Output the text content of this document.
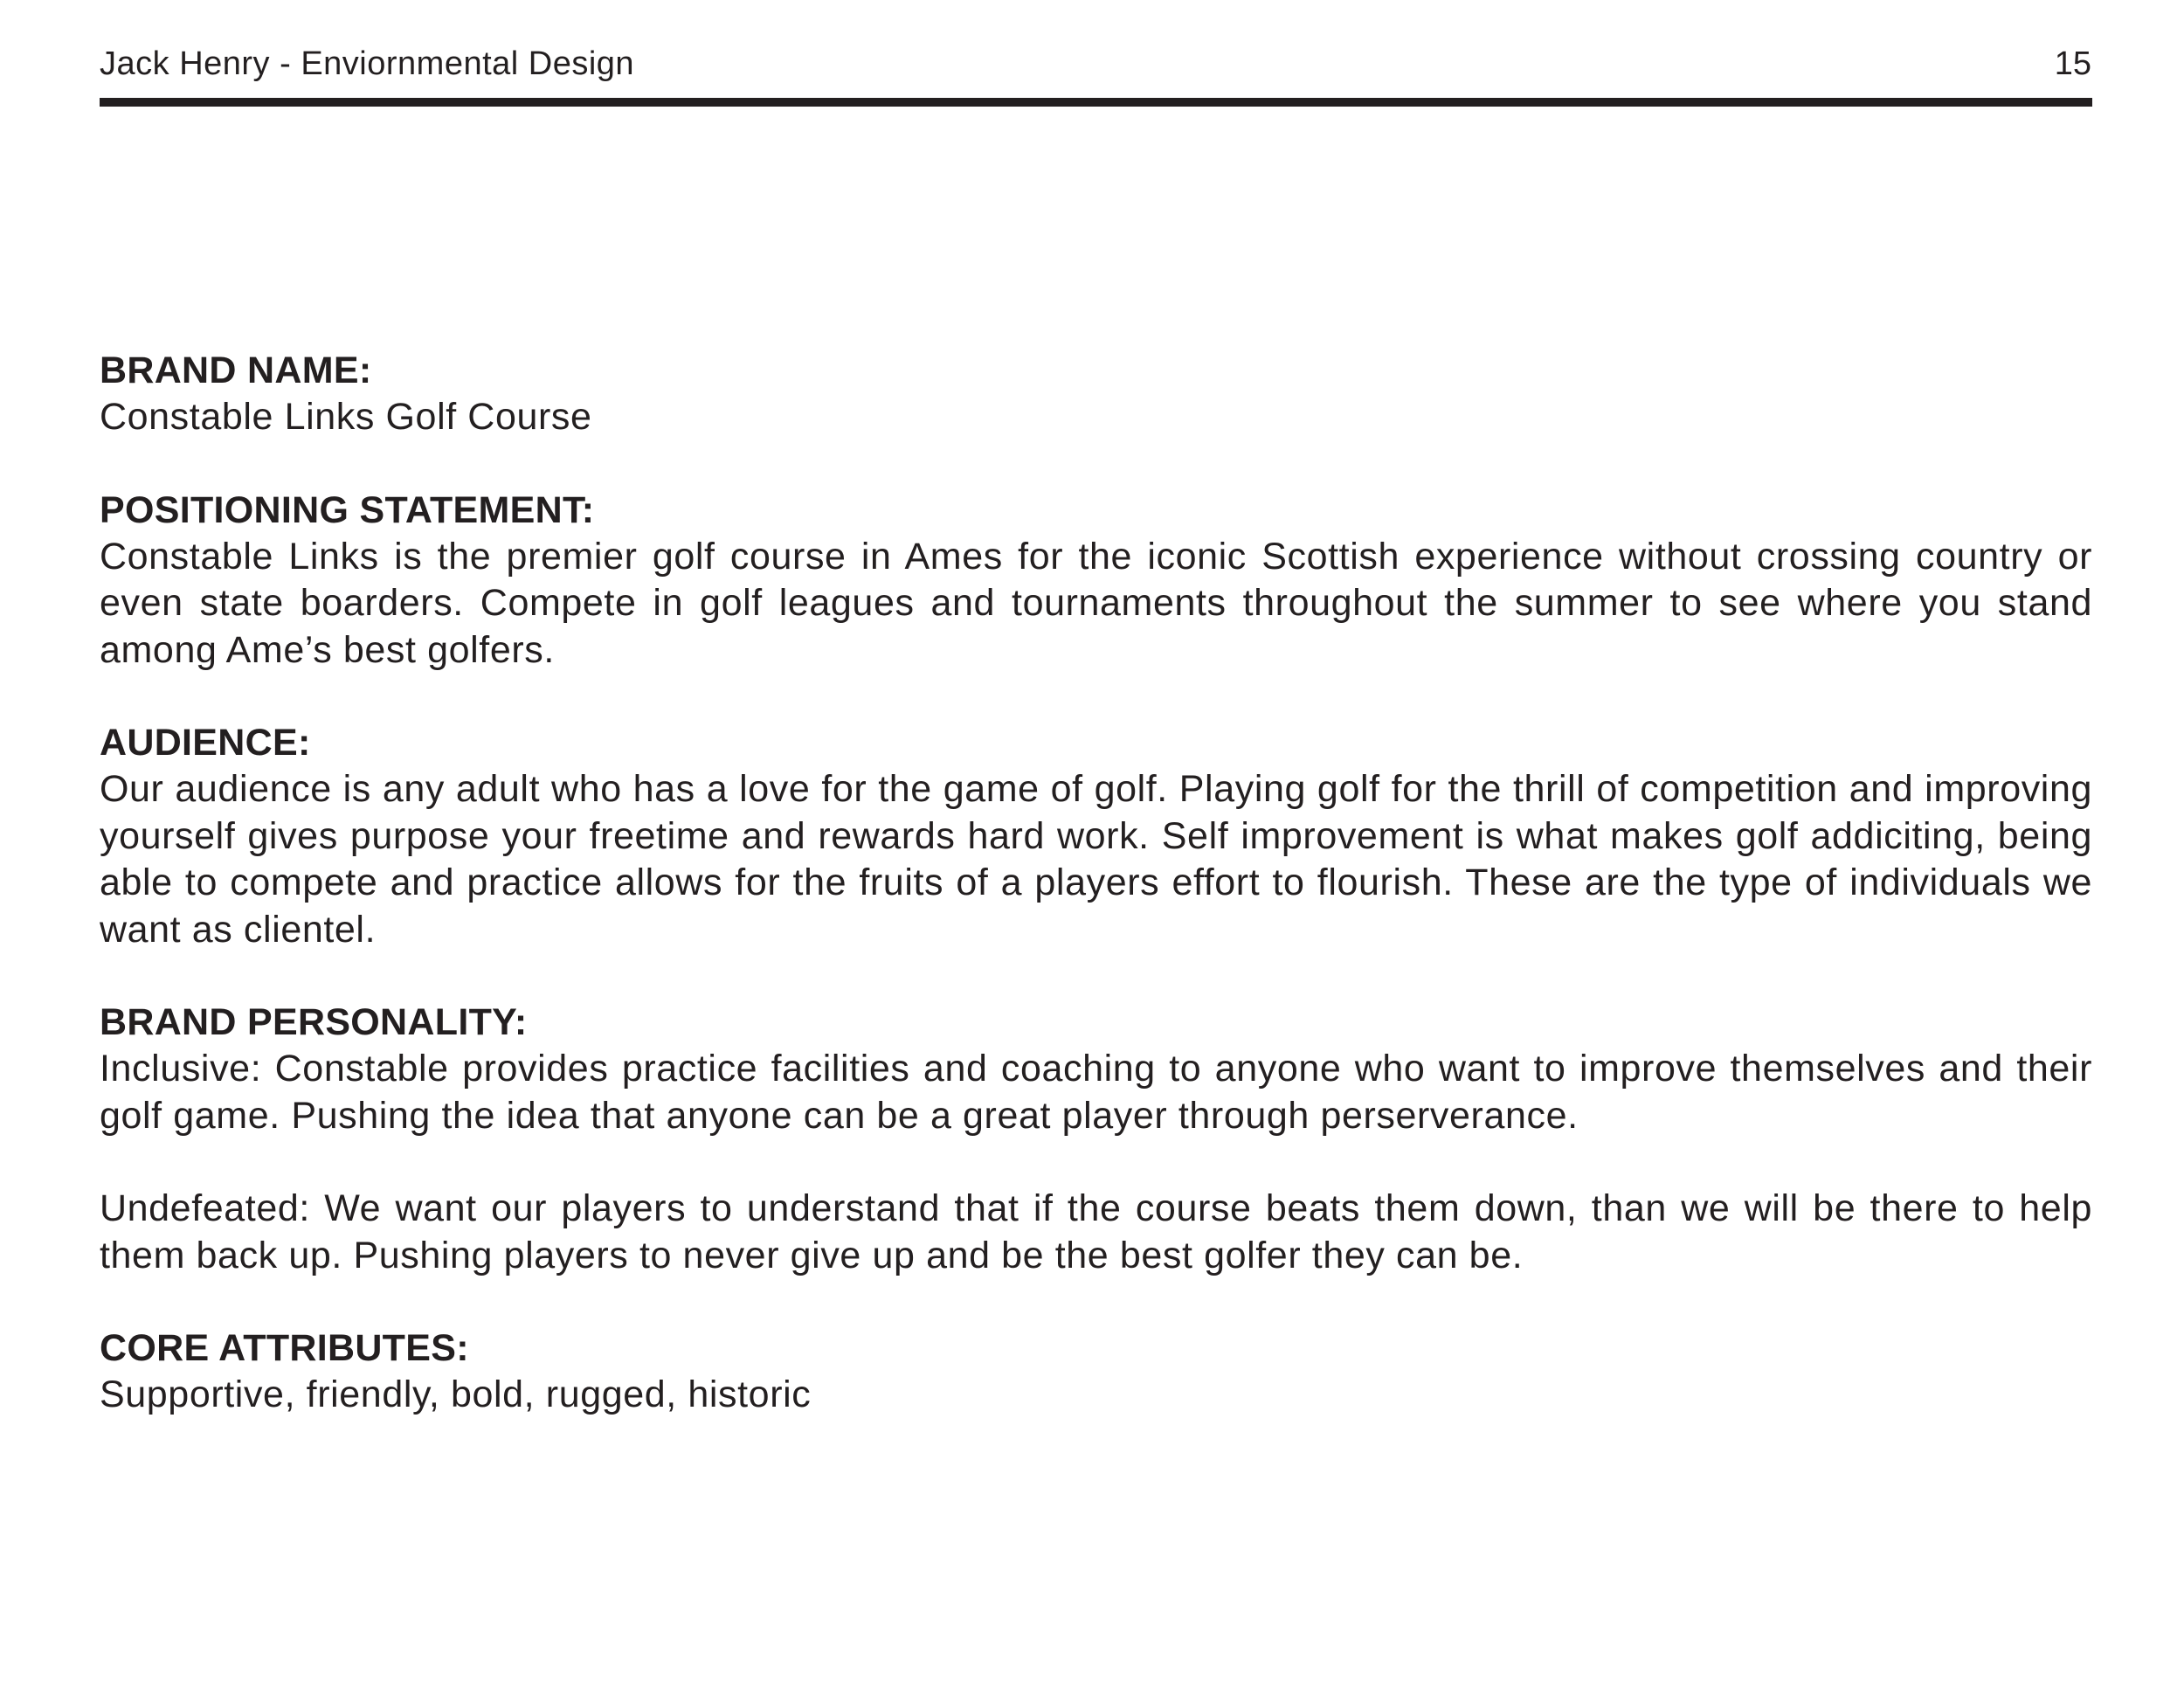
Jack Henry - Enviornmental Design	15

BRAND NAME:

Constable Links Golf Course

POSITIONING STATEMENT:

Constable Links is the premier golf course in Ames for the iconic Scottish experience without crossing country or even state boarders. Compete in golf leagues and tournaments throughout the summer to see where you stand among Ame’s best golfers.

AUDIENCE:

Our audience is any adult who has a love for the game of golf. Playing golf for the thrill of competition and improving yourself gives purpose your freetime and rewards hard work. Self improvement is what makes golf addiciting, being able to compete and practice allows for the fruits of a players effort to flourish. These are the type of individuals we want as clientel.

BRAND PERSONALITY:

Inclusive: Constable provides practice facilities and coaching to anyone who want to improve themselves and their golf game. Pushing the idea that anyone can be a great player through perserverance.

Undefeated: We want our players to understand that if the course beats them down, than we will be there to help them back up. Pushing players to never give up and be the best golfer they can be.

CORE ATTRIBUTES:

Supportive, friendly, bold, rugged, historic
